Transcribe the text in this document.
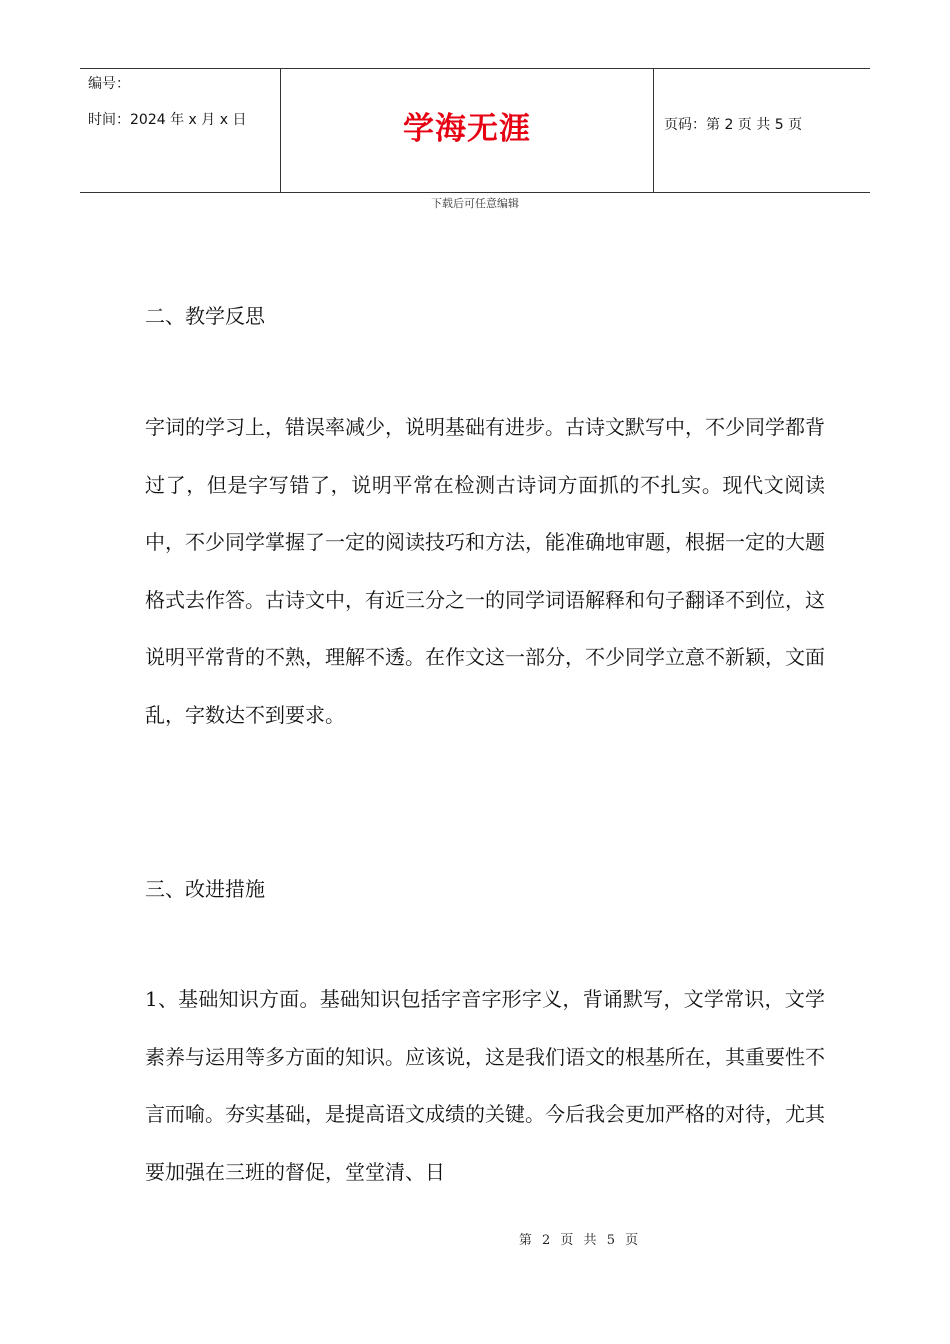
编号：
时间：2024 年 x 月 x 日	学海无涯	页码：第 2 页 共 5 页
下载后可任意编辑
二、教学反思
字词的学习上，错误率减少，说明基础有进步。古诗文默写中，不少同学都背过了，但是字写错了，说明平常在检测古诗词方面抓的不扎实。现代文阅读中，不少同学掌握了一定的阅读技巧和方法，能准确地审题，根据一定的大题格式去作答。古诗文中，有近三分之一的同学词语解释和句子翻译不到位，这说明平常背的不熟，理解不透。在作文这一部分，不少同学立意不新颖，文面乱，字数达不到要求。
三、改进措施
1、基础知识方面。基础知识包括字音字形字义，背诵默写，文学常识，文学素养与运用等多方面的知识。应该说，这是我们语文的根基所在，其重要性不言而喻。夯实基础，是提高语文成绩的关键。今后我会更加严格的对待，尤其要加强在三班的督促，堂堂清、日
第 2 页 共 5 页
